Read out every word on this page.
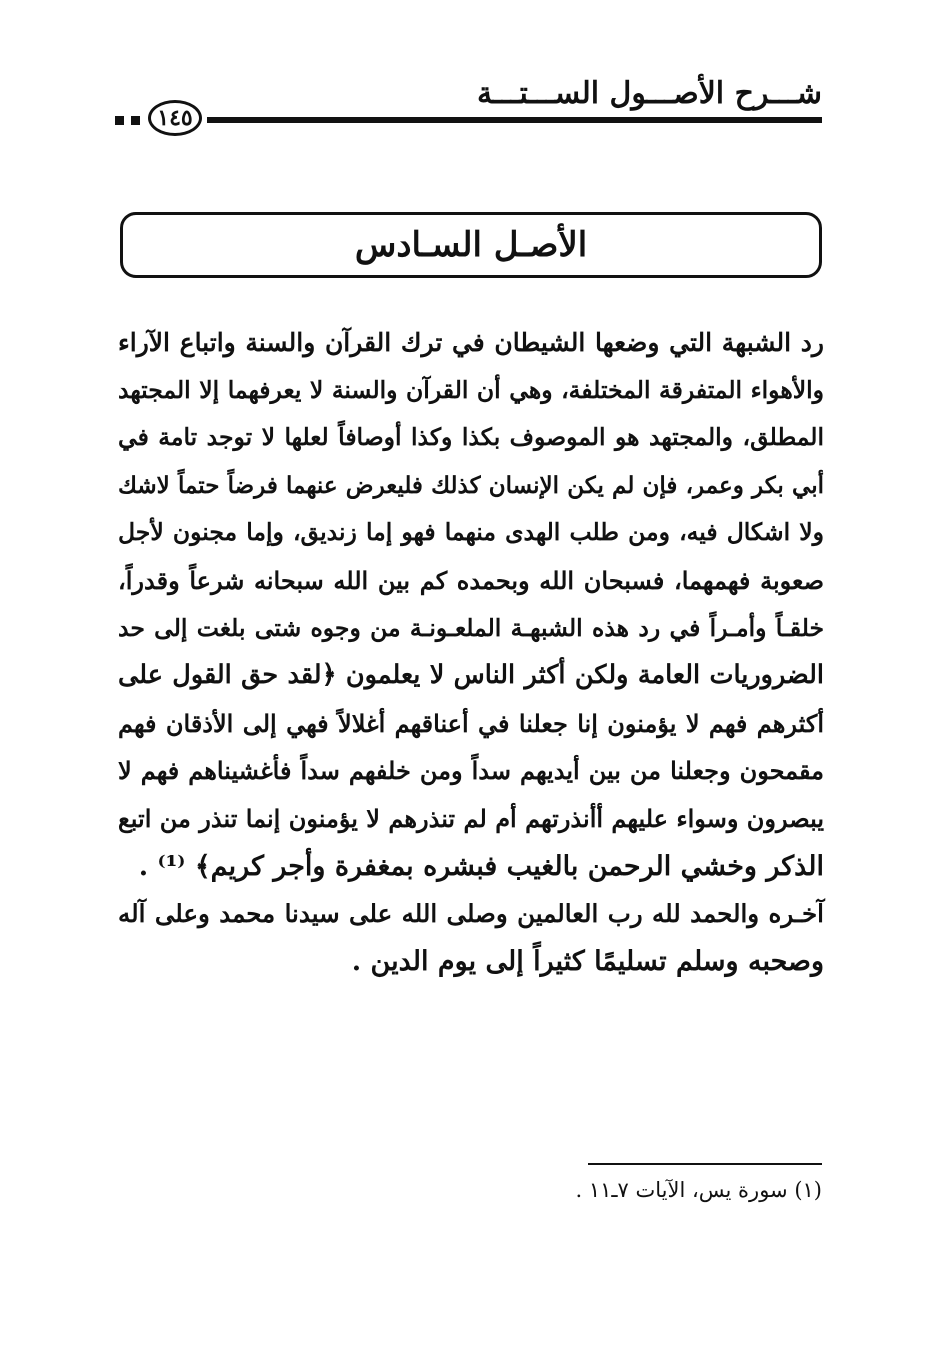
شـــرح الأصـــول الســـتـــة
١٤٥
الأصـل السـادس
رد الشبهة التي وضعها الشيطان في ترك القرآن والسنة واتباع الآراء
والأهواء المتفرقة المختلفة، وهي أن القرآن والسنة لا يعرفهما إلا المجتهد
المطلق، والمجتهد هو الموصوف بكذا وكذا أوصافاً لعلها لا توجد تامة في
أبي بكر وعمر، فإن لم يكن الإنسان كذلك فليعرض عنهما فرضاً حتماً لاشك
ولا اشكال فيه، ومن طلب الهدى منهما فهو إما زنديق، وإما مجنون لأجل
صعوبة فهمهما، فسبحان الله وبحمده كم بين الله سبحانه شرعاً وقدراً،
خلقـاً وأمـراً في رد هذه الشبهـة الملعـونـة من وجوه شتى بلغت إلى حد
الضروريات العامة ولكن أكثر الناس لا يعلمون ﴿لقد حق القول على
أكثرهم فهم لا يؤمنون إنا جعلنا في أعناقهم أغلالاً فهي إلى الأذقان فهم
مقمحون وجعلنا من بين أيديهم سداً ومن خلفهم سداً فأغشيناهم فهم لا
يبصرون وسواء عليهم أأنذرتهم أم لم تنذرهم لا يؤمنون إنما تنذر من اتبع
الذكر وخشي الرحمن بالغيب فبشره بمغفرة وأجر كريم﴾ ⁽¹⁾ .
آخـره والحمد لله رب العالمين وصلى الله على سيدنا محمد وعلى آله
وصحبه وسلم تسليمًا كثيراً إلى يوم الدين .
(١) سورة يس، الآيات ٧ـ١١ .
